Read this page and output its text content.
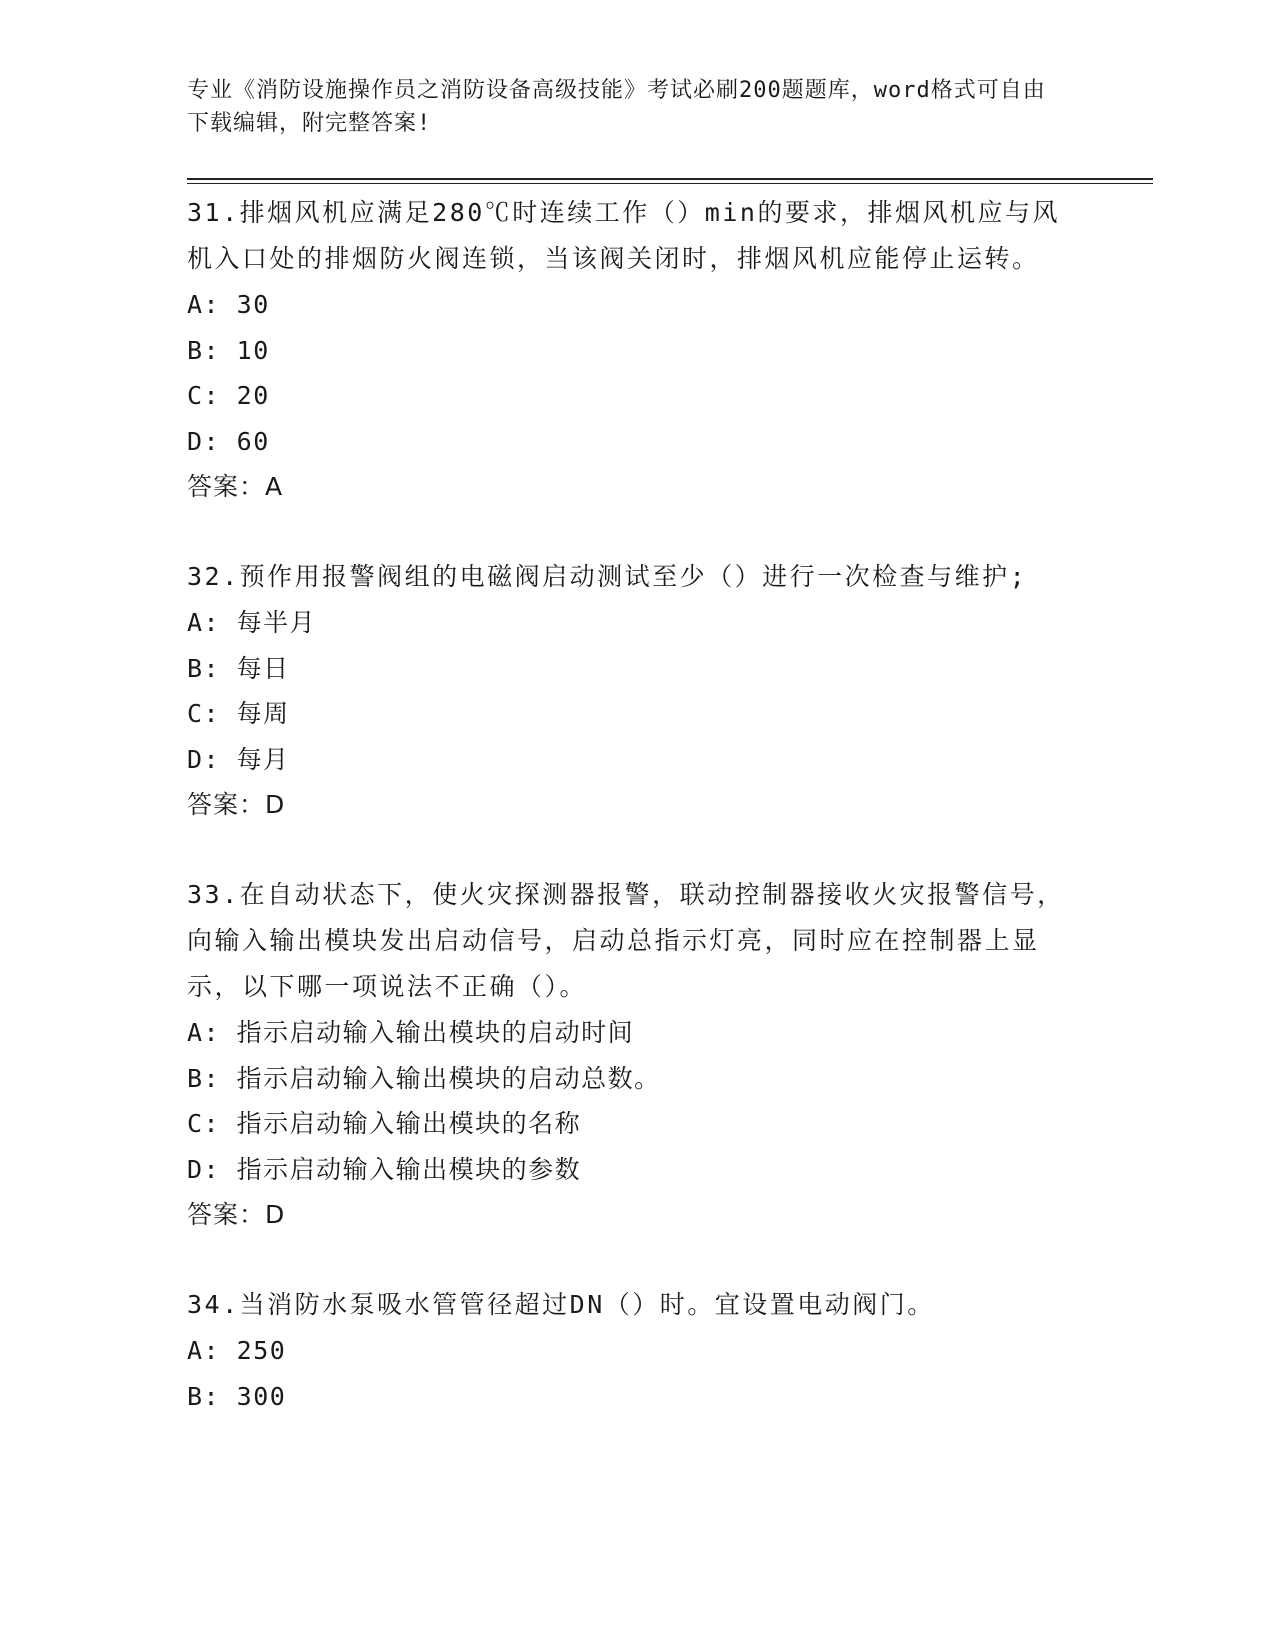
专业《消防设施操作员之消防设备高级技能》考试必刷200题题库，word格式可自由下载编辑，附完整答案!

31.排烟风机应满足280℃时连续工作（）min的要求，排烟风机应与风机入口处的排烟防火阀连锁，当该阀关闭时，排烟风机应能停止运转。

A: 30

B: 10

C: 20

D: 60

答案：A

32.预作用报警阀组的电磁阀启动测试至少（）进行一次检查与维护;

A: 每半月

B: 每日

C: 每周

D: 每月

答案：D

33.在自动状态下，使火灾探测器报警，联动控制器接收火灾报警信号，向输入输出模块发出启动信号，启动总指示灯亮，同时应在控制器上显示，以下哪一项说法不正确（）。

A: 指示启动输入输出模块的启动时间

B: 指示启动输入输出模块的启动总数。

C: 指示启动输入输出模块的名称

D: 指示启动输入输出模块的参数

答案：D

34.当消防水泵吸水管管径超过DN（）时。宜设置电动阀门。

A: 250

B: 300
